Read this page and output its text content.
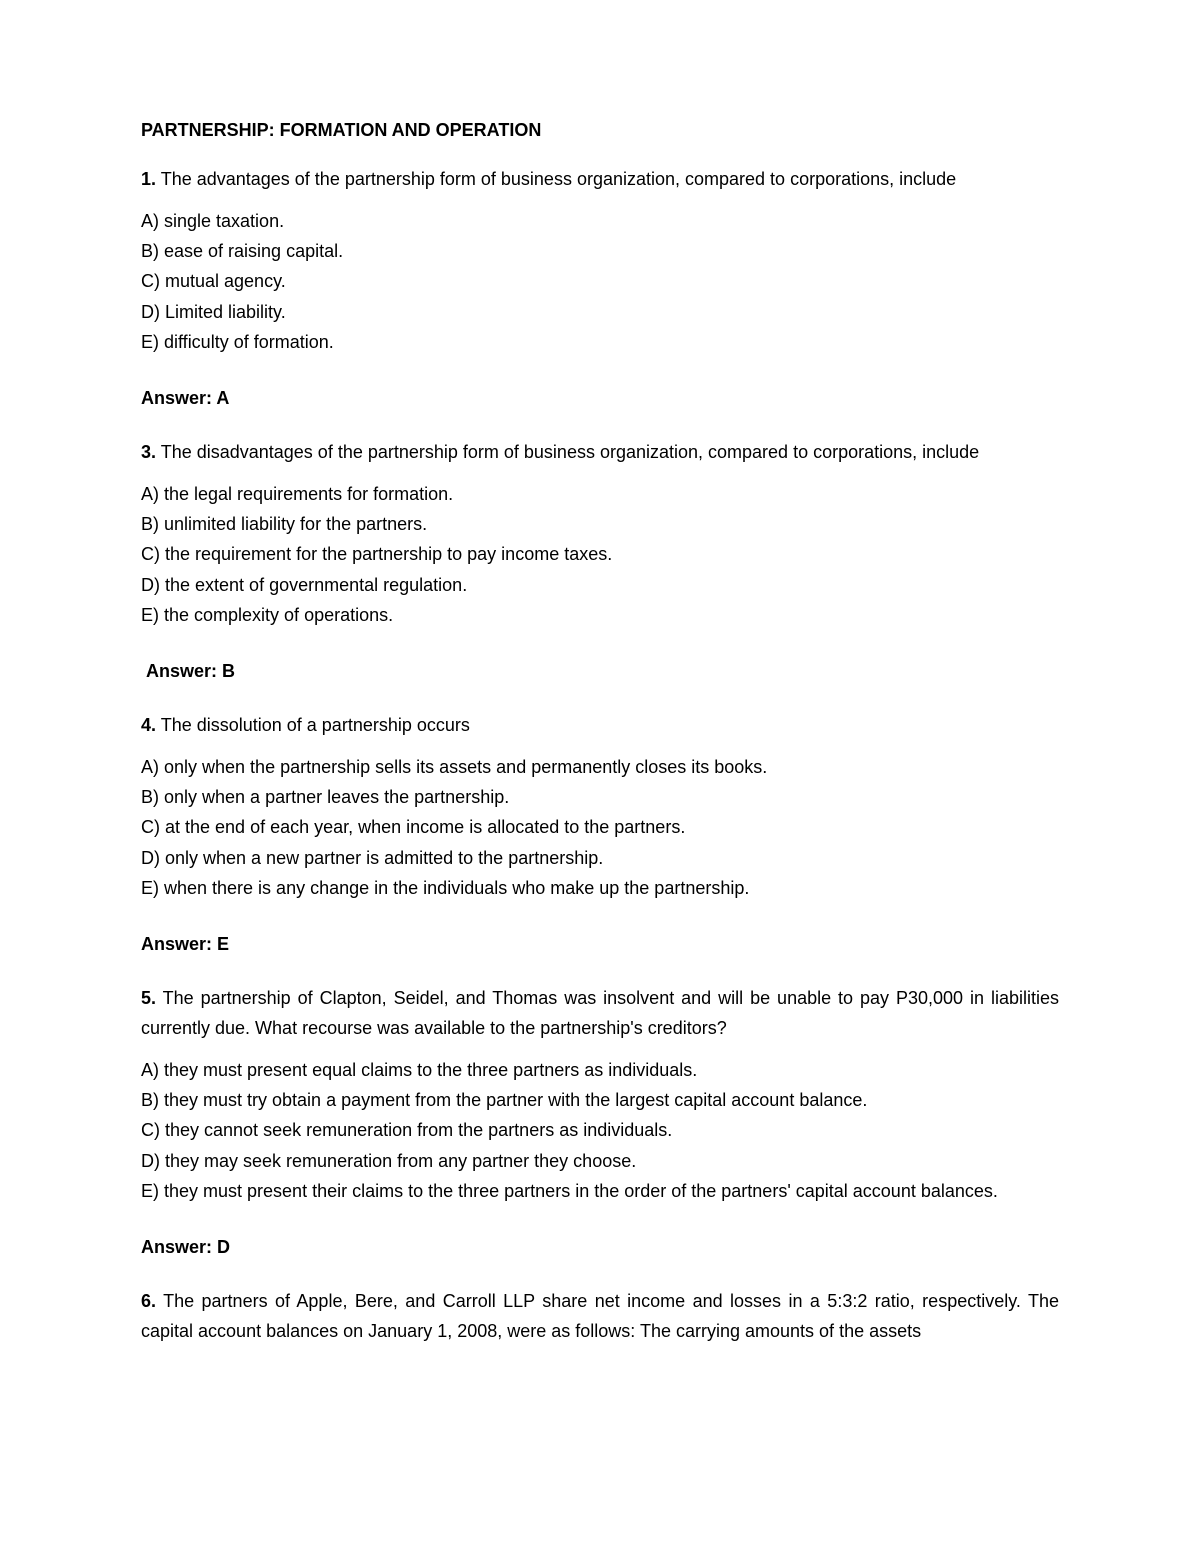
PARTNERSHIP: FORMATION AND OPERATION
1. The advantages of the partnership form of business organization, compared to corporations, include
A) single taxation.
B) ease of raising capital.
C) mutual agency.
D) Limited liability.
E) difficulty of formation.
Answer: A
3. The disadvantages of the partnership form of business organization, compared to corporations, include
A) the legal requirements for formation.
B) unlimited liability for the partners.
C) the requirement for the partnership to pay income taxes.
D) the extent of governmental regulation.
E) the complexity of operations.
Answer: B
4. The dissolution of a partnership occurs
A) only when the partnership sells its assets and permanently closes its books.
B) only when a partner leaves the partnership.
C) at the end of each year, when income is allocated to the partners.
D) only when a new partner is admitted to the partnership.
E) when there is any change in the individuals who make up the partnership.
Answer: E
5. The partnership of Clapton, Seidel, and Thomas was insolvent and will be unable to pay P30,000 in liabilities currently due. What recourse was available to the partnership's creditors?
A) they must present equal claims to the three partners as individuals.
B) they must try obtain a payment from the partner with the largest capital account balance.
C) they cannot seek remuneration from the partners as individuals.
D) they may seek remuneration from any partner they choose.
E) they must present their claims to the three partners in the order of the partners' capital account balances.
Answer: D
6. The partners of Apple, Bere, and Carroll LLP share net income and losses in a 5:3:2 ratio, respectively. The capital account balances on January 1, 2008, were as follows: The carrying amounts of the assets
